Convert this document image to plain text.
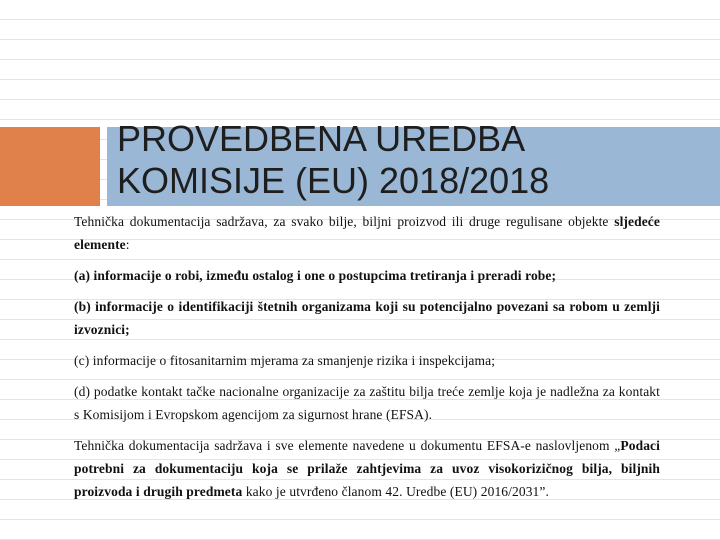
PROVEDBENA UREDBA
KOMISIJE (EU) 2018/2018

Tehnička dokumentacija sadržava, za svako bilje, biljni proizvod ili druge regulisane objekte sljedeće elemente:

(a) informacije o robi, između ostalog i one o postupcima tretiranja i preradi robe;

(b) informacije o identifikaciji štetnih organizama koji su potencijalno povezani sa robom u zemlji izvoznici;

(c) informacije o fitosanitarnim mjerama za smanjenje rizika i inspekcijama;

(d) podatke kontakt tačke nacionalne organizacije za zaštitu bilja treće zemlje koja je nadležna za kontakt s Komisijom i Evropskom agencijom za sigurnost hrane (EFSA).

Tehnička dokumentacija sadržava i sve elemente navedene u dokumentu EFSA-e naslovljenom „Podaci potrebni za dokumentaciju koja se prilaže zahtjevima za uvoz visokorizičnog bilja, biljnih proizvoda i drugih predmeta kako je utvrđeno članom 42. Uredbe (EU) 2016/2031”.
